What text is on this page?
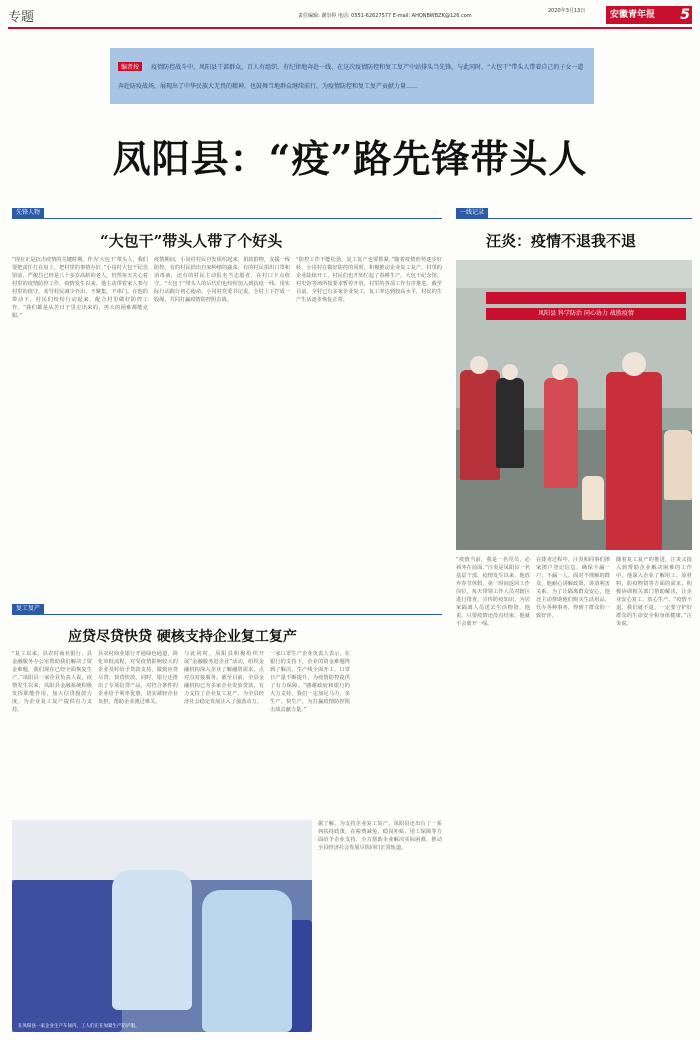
专题	责任编辑: 谢崇婷 电话: 0551-62627577 E-mail: AHQNBWBZK@126.com
2020年3月13日	安徽青年报 5
编者按 疫情防控战斗中，凤阳县干部群众，百人有组织、有纪律地奔赴一线，在这次疫情防控和复工复产中站排头当先锋。与此同时，“大包干”带头人带着自己的子女一道奔赴防疫战场，展现出了中华民族大无畏的精神，也鼓舞当地群众继续前行，为疫情防控和复工复产贡献力量……
凤阳县：“疫”路先锋带头人
先锋人物
“大包干”带头人带了个好头
“现在正是抗击疫情的关键时期，作为‘大包干’带头人，我们要把责任扛在肩上，把村里的事情办好。”小岗村大包干纪念馆前，严俊昌已经是八十多岁高龄的老人，仍然每天关心着村里的疫情防控工作。疫情发生以来，他主动带着家人参与村里的值守，劝导村民减少外出、不聚集、不串门。在他的带动下，村民们纷纷行动起来，配合村里做好防控工作。“我们都是从苦日子里走出来的，再大的困难都能克服。”
疫情期间，小岗村村民自发组织起来，捐款捐物，支援一线防控。有的村民捐出自家种植的蔬菜，有的村民捐出口罩和消毒液，还有的村民主动报名当志愿者，在村口卡点值守。“大包干”带头人的后代们也纷纷加入到抗疫一线，用实际行动践行初心使命。小岗村党委书记说，全村上下拧成一股绳，共同打赢疫情防控阻击战。
“防控工作不能松劲，复工复产也要抓紧。”随着疫情形势逐步好转，小岗村在做好防控的同时，积极推动企业复工复产。村里的企业陆续开工，村民们也开始忙起了春耕生产。大包干纪念馆、村史馆等场所按要求暂停开放，村里的各项工作有序推进。截至目前，全村已有多家企业复工，复工率达到较高水平，村民的生产生活逐步恢复正常。
一线记录
汪炎：疫情不退我不退
凤阳县 科学防治 同心协力 战胜疫情
“疫情当前，我是一名党员，必须冲在前面。”汪炎是凤阳县一名基层干部，疫情发生以来，他放弃春节休假，第一时间返回工作岗位，每天带领工作人员对辖区进行排查，宣传防疫知识，为居家隔离人员送去生活物资。他说，只要疫情还没有结束，他就不会离开一线。
在排查过程中，汪炎和同事们挨家挨户登记信息，确保不漏一户、不漏一人。面对不理解的群众，他耐心讲解政策，讲清利害关系。为了让隔离群众安心，他还主动帮助他们购买生活用品、代办各种事务，得到了群众的一致好评。
随着复工复产的推进，汪炎又投入到帮助企业解决困难的工作中。他深入企业了解用工、原材料、防疫物资等方面的需求，积极协调相关部门帮助解决，让企业安心复工、放心生产。“疫情不退，我们就不退，一定要守护好群众的生命安全和身体健康。”汪炎说。
复工复产
应贷尽贷快贷 硬核支持企业复工复产
“复工以来，县农村商业银行、县金融服务办公室帮助我们解决了资金难题，我们现在已经全面恢复生产。”凤阳县一家企业负责人说。疫情发生以来，凤阳县金融系统积极发挥职能作用，加大信贷投放力度，为企业复工复产提供有力支持。
县农村商业银行开通绿色通道，简化审批流程，对受疫情影响较大的企业及时给予贷款支持，做到应贷尽贷、快贷快放。同时，银行还推出了专项信贷产品，对符合条件的企业给予利率优惠，切实减轻企业负担，帮助企业渡过难关。
与此同时，凤阳县积极组织开展“金融服务进企业”活动，组织金融机构深入企业了解融资需求，点对点对接服务。截至目前，全县金融机构已为多家企业发放贷款，有力支持了企业复工复产，为全县经济社会稳定发展注入了强劲动力。
一家口罩生产企业负责人表示，在银行的支持下，企业的资金难题得到了解决，生产线全面开工，口罩日产量不断提升，为疫情防控提供了有力保障。“感谢政府和银行的大力支持，我们一定加足马力，多生产、快生产，为打赢疫情防控阻击战贡献力量。”
据了解，为支持企业复工复产，凤阳县还出台了一系列扶持政策，在税费减免、稳岗补贴、用工保障等方面给予企业支持，全力帮助企业解决实际困难，推动全县经济社会发展尽快回归正常轨道。
在凤阳县一家企业生产车间内，工人们正在加紧生产防护服。
